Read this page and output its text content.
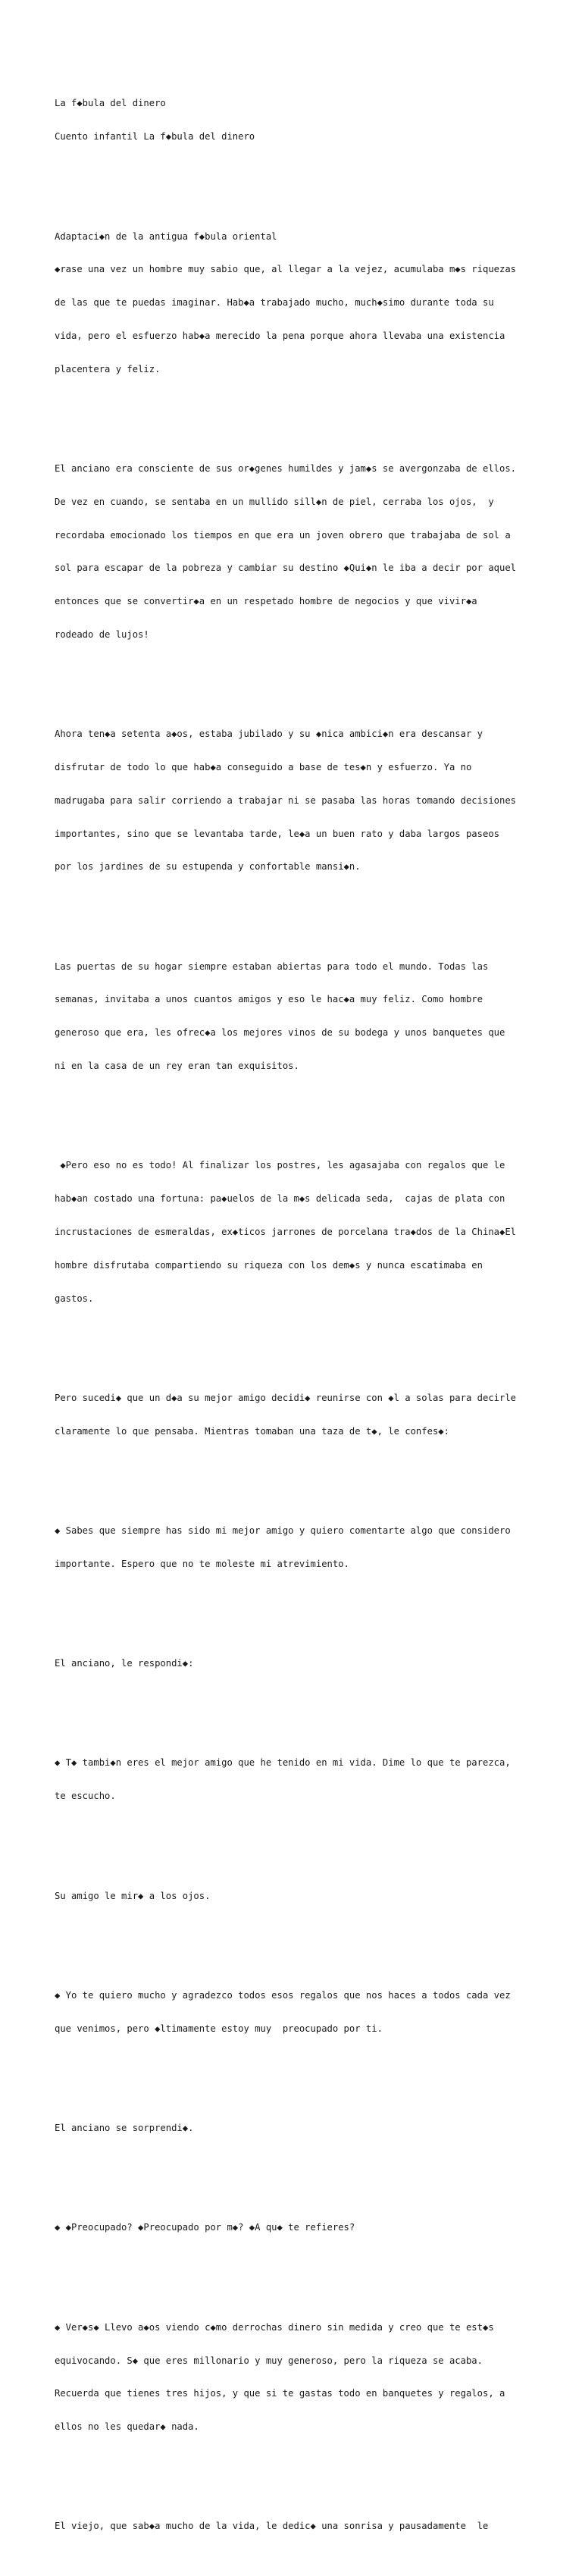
La f◆bula del dinero

Cuento infantil La f◆bula del dinero

Adaptaci◆n de la antigua f◆bula oriental

◆rase una vez un hombre muy sabio que, al llegar a la vejez, acumulaba m◆s riquezas

de las que te puedas imaginar. Hab◆a trabajado mucho, much◆simo durante toda su

vida, pero el esfuerzo hab◆a merecido la pena porque ahora llevaba una existencia

placentera y feliz.

El anciano era consciente de sus or◆genes humildes y jam◆s se avergonzaba de ellos.

De vez en cuando, se sentaba en un mullido sill◆n de piel, cerraba los ojos,  y

recordaba emocionado los tiempos en que era un joven obrero que trabajaba de sol a

sol para escapar de la pobreza y cambiar su destino ◆Qui◆n le iba a decir por aquel

entonces que se convertir◆a en un respetado hombre de negocios y que vivir◆a

rodeado de lujos!

Ahora ten◆a setenta a◆os, estaba jubilado y su ◆nica ambici◆n era descansar y

disfrutar de todo lo que hab◆a conseguido a base de tes◆n y esfuerzo. Ya no

madrugaba para salir corriendo a trabajar ni se pasaba las horas tomando decisiones

importantes, sino que se levantaba tarde, le◆a un buen rato y daba largos paseos

por los jardines de su estupenda y confortable mansi◆n.

Las puertas de su hogar siempre estaban abiertas para todo el mundo. Todas las

semanas, invitaba a unos cuantos amigos y eso le hac◆a muy feliz. Como hombre

generoso que era, les ofrec◆a los mejores vinos de su bodega y unos banquetes que

ni en la casa de un rey eran tan exquisitos.

◆Pero eso no es todo! Al finalizar los postres, les agasajaba con regalos que le

hab◆an costado una fortuna: pa◆uelos de la m◆s delicada seda,  cajas de plata con

incrustaciones de esmeraldas, ex◆ticos jarrones de porcelana tra◆dos de la China◆El

hombre disfrutaba compartiendo su riqueza con los dem◆s y nunca escatimaba en

gastos.

Pero sucedi◆ que un d◆a su mejor amigo decidi◆ reunirse con ◆l a solas para decirle

claramente lo que pensaba. Mientras tomaban una taza de t◆, le confes◆:

◆ Sabes que siempre has sido mi mejor amigo y quiero comentarte algo que considero

importante. Espero que no te moleste mi atrevimiento.

El anciano, le respondi◆:

◆ T◆ tambi◆n eres el mejor amigo que he tenido en mi vida. Dime lo que te parezca,

te escucho.

Su amigo le mir◆ a los ojos.

◆ Yo te quiero mucho y agradezco todos esos regalos que nos haces a todos cada vez

que venimos, pero ◆ltimamente estoy muy  preocupado por ti.

El anciano se sorprendi◆.

◆ ◆Preocupado? ◆Preocupado por m◆? ◆A qu◆ te refieres?

◆ Ver◆s◆ Llevo a◆os viendo c◆mo derrochas dinero sin medida y creo que te est◆s

equivocando. S◆ que eres millonario y muy generoso, pero la riqueza se acaba.

Recuerda que tienes tres hijos, y que si te gastas todo en banquetes y regalos, a

ellos no les quedar◆ nada.

El viejo, que sab◆a mucho de la vida, le dedic◆ una sonrisa y pausadamente  le
